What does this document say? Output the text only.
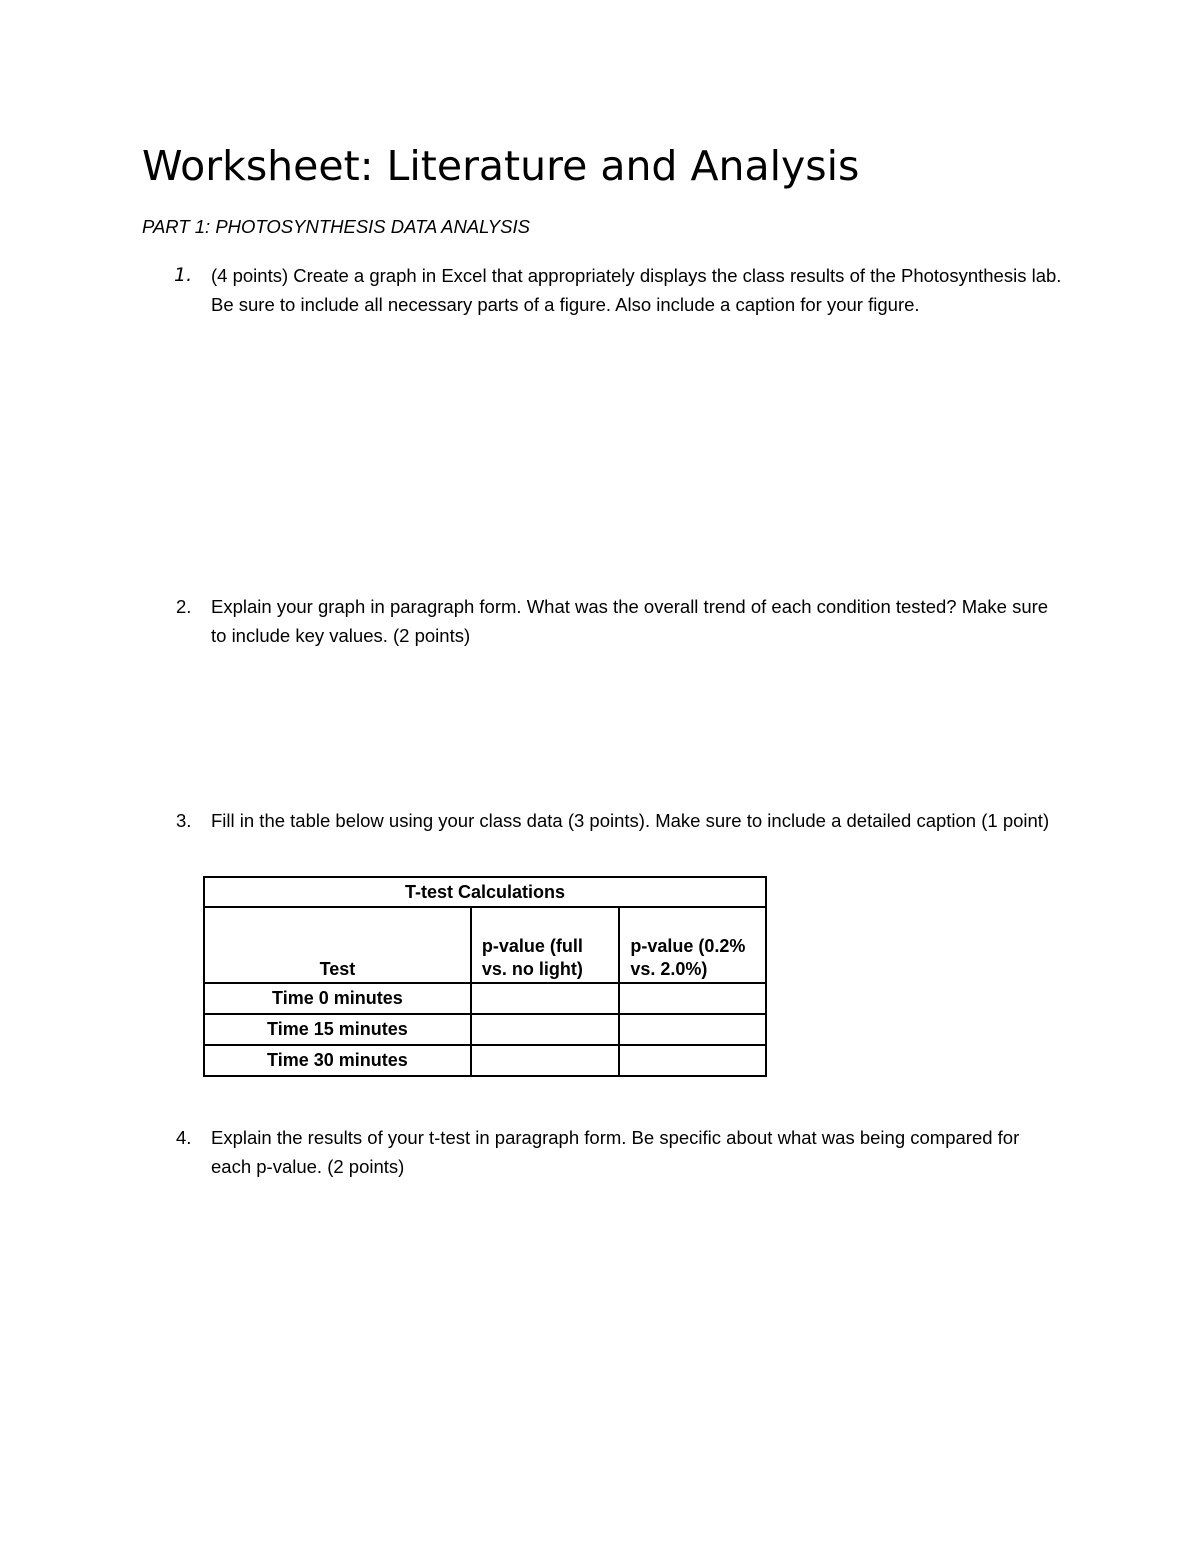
Worksheet: Literature and Analysis
PART 1: PHOTOSYNTHESIS DATA ANALYSIS
1. (4 points) Create a graph in Excel that appropriately displays the class results of the Photosynthesis lab. Be sure to include all necessary parts of a figure. Also include a caption for your figure.
2. Explain your graph in paragraph form. What was the overall trend of each condition tested? Make sure to include key values. (2 points)
3. Fill in the table below using your class data (3 points). Make sure to include a detailed caption (1 point)
T-test Calculations		
Test	p-value (full vs. no light)	p-value (0.2% vs. 2.0%)
Time 0 minutes		
Time 15 minutes		
Time 30 minutes		
4. Explain the results of your t-test in paragraph form. Be specific about what was being compared for each p-value. (2 points)
